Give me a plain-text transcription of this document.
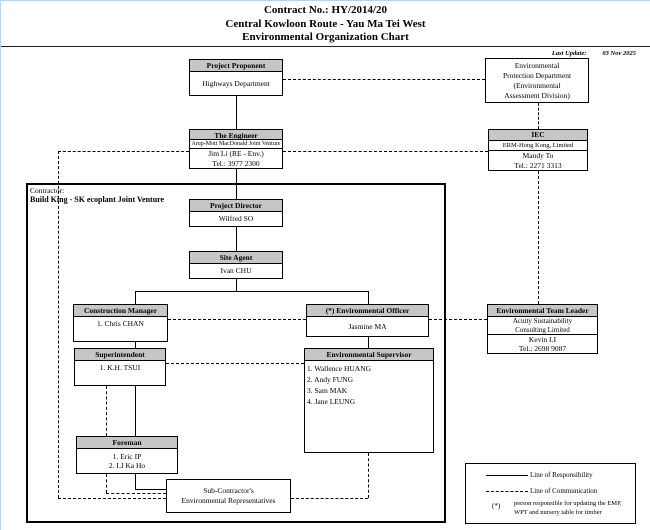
Contract No.: HY/2014/20
Central Kowloon Route - Yau Ma Tei West
Environmental Organization Chart
Last Update: 03 Nov 2025
Contractor:
Build King - SK ecoplant Joint Venture
Project Proponent
Highways Department
Environmental
Protection Department
(Environmental
Assessment Division)
The Engineer
Arup-Mott MacDonald Joint Venture
Jim Li (RE - Env.)
Tel.: 3977 2300
IEC
ERM-Hong Kong, Limited
Mandy To
Tel.: 2271 3313
Project Director
Wilfred SO
Site Agent
Ivan CHU
Construction Manager
1. Chris CHAN
(*) Environmental Officer
Jasmine MA
Environmental Team Leader
Acuity Sustainability
Consulting Limited
Kevin LI
Tel.: 2698 9087
Superintendent
1. K.H. TSUI
Environmental Supervisor
1. Wallence HUANG
2. Andy FUNG
3. Sam MAK
4. Jane LEUNG
Foreman
1. Eric IP
2. LI Ka Ho
Sub-Contractor's
Environmental Representatives
Line of Responsibility
Line of Communication
(*) person responsible for updating the EMP, WPT and nursery table for timber
